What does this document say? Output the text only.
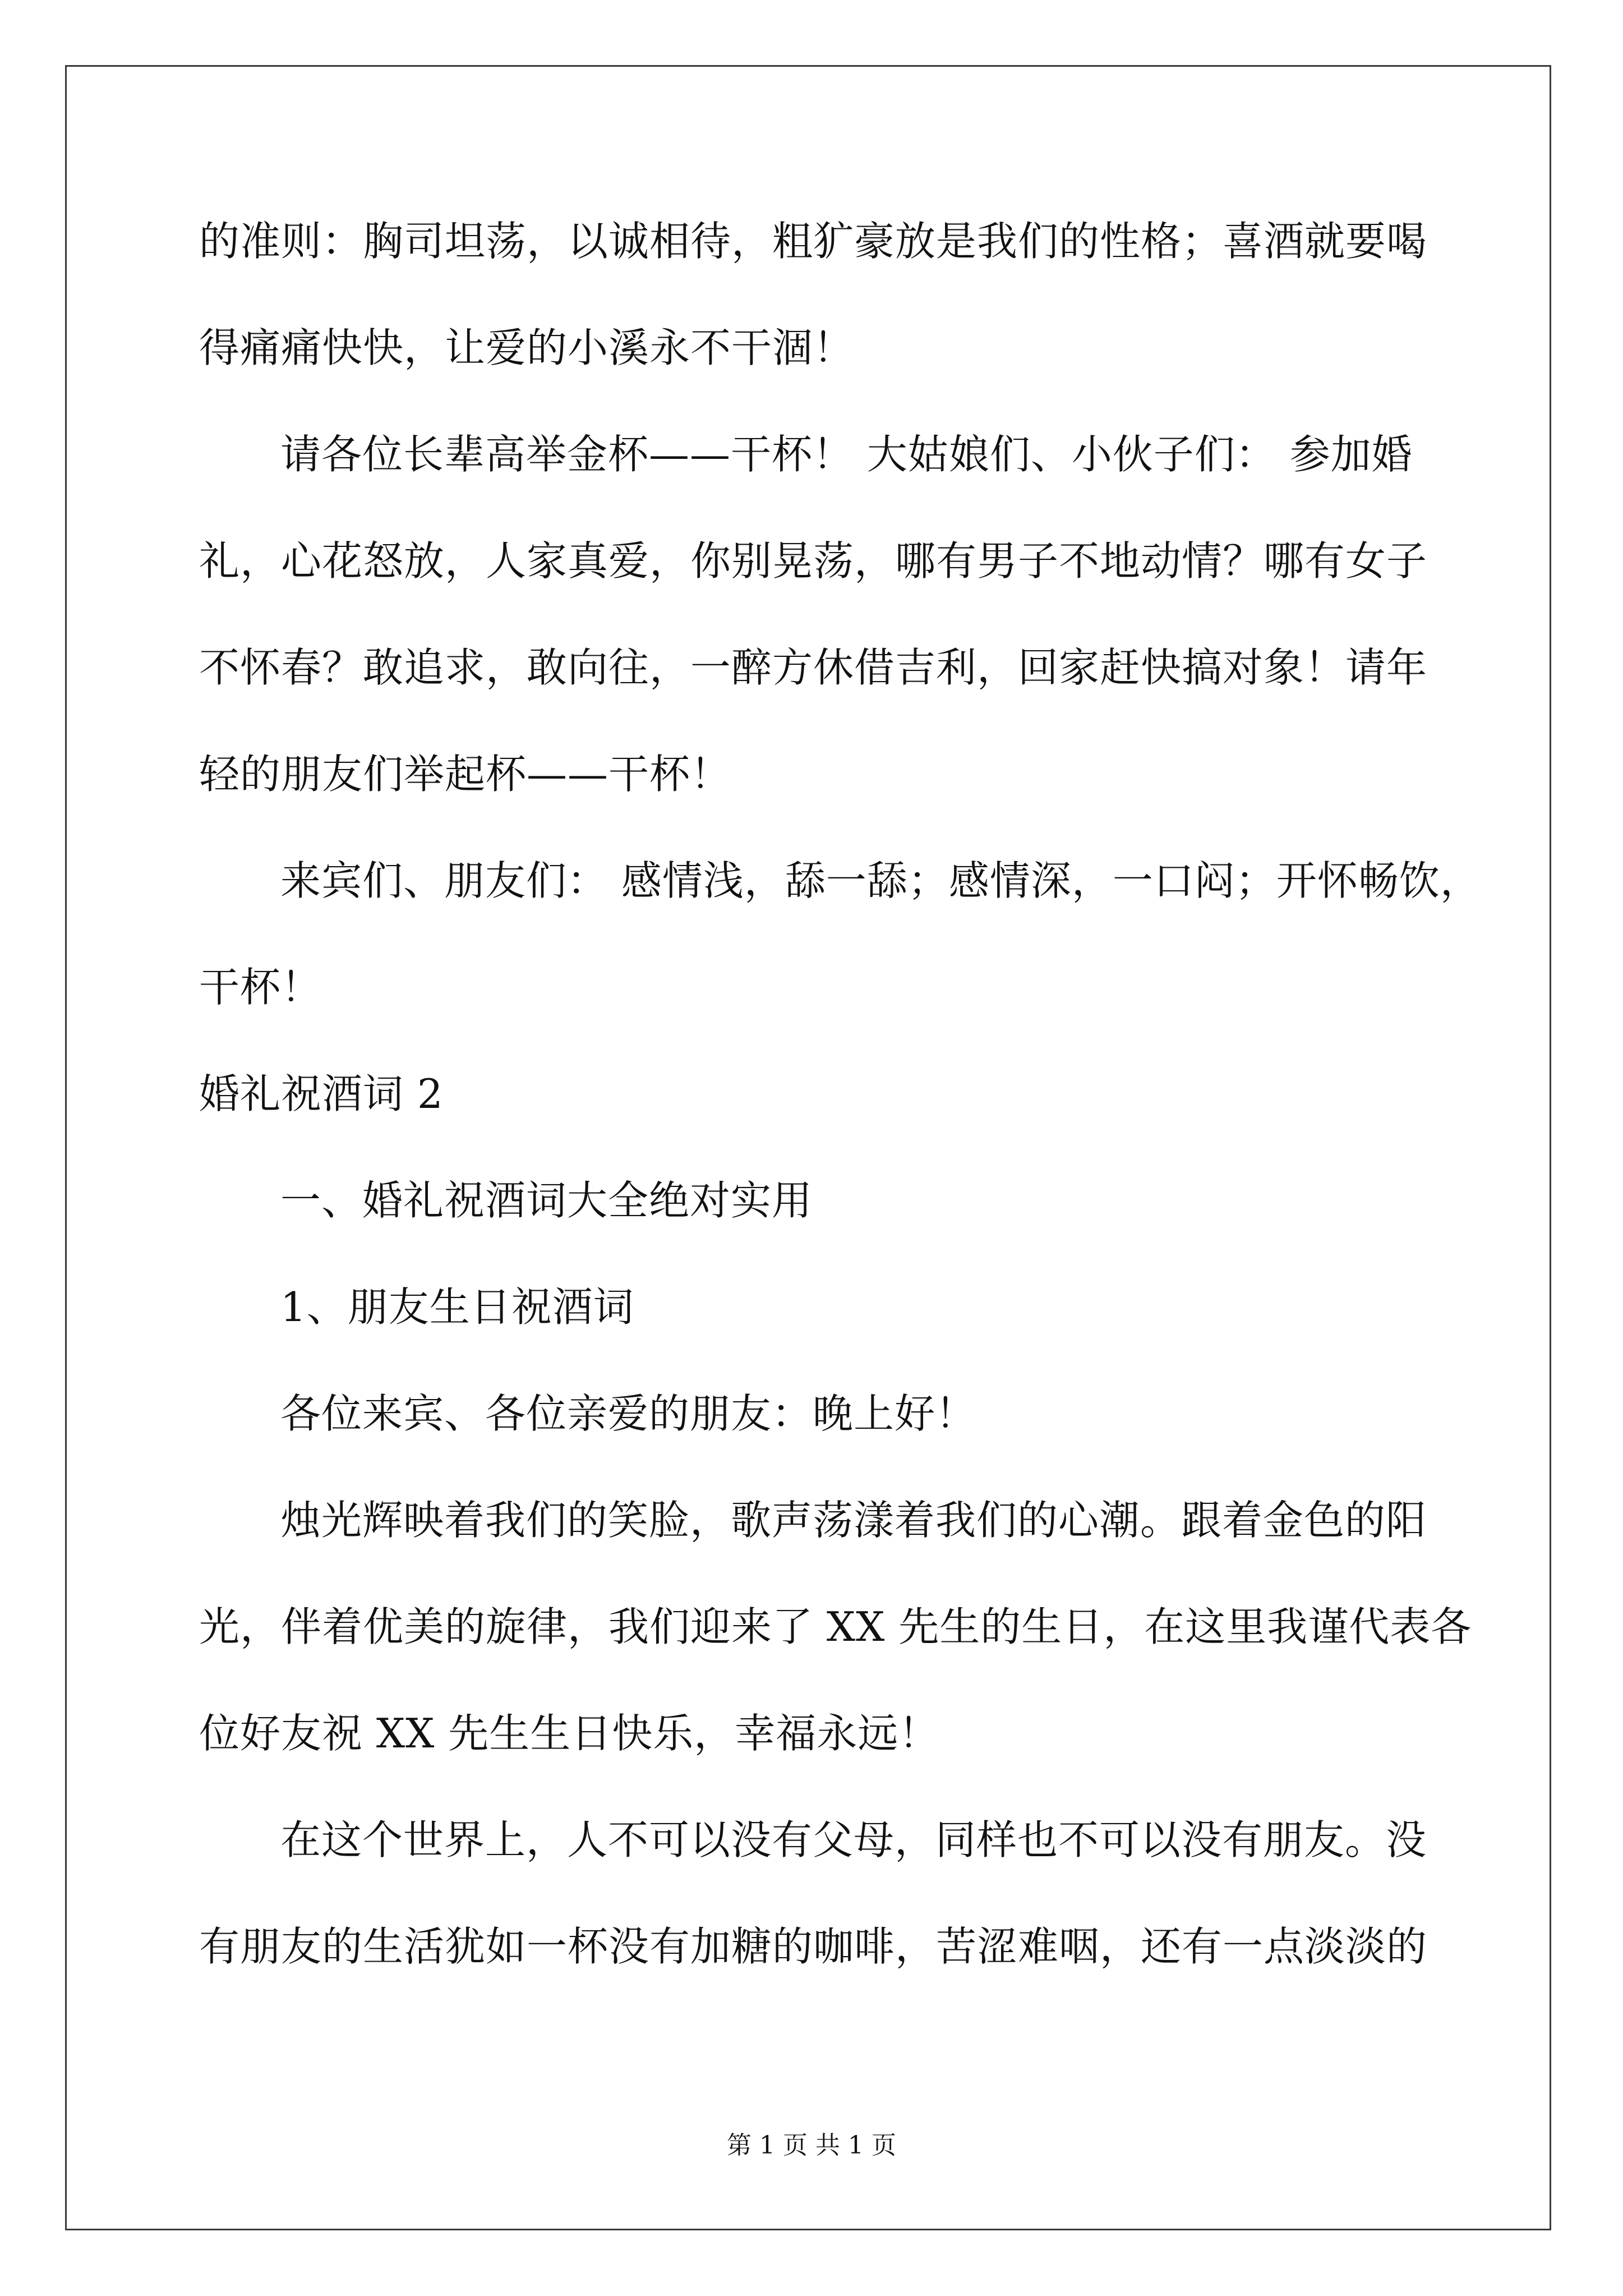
的准则：胸司坦荡，以诚相待，粗犷豪放是我们的性格；喜酒就要喝
得痛痛快快，让爱的小溪永不干涸！
请各位长辈高举金杯——干杯！ 大姑娘们、小伙子们： 参加婚
礼，心花怒放，人家真爱，你别晃荡，哪有男子不地动情？哪有女子
不怀春？敢追求，敢向往，一醉方休借吉利，回家赶快搞对象！请年
轻的朋友们举起杯——干杯！
来宾们、朋友们： 感情浅，舔一舔；感情深，一口闷；开怀畅饮，
干杯！
婚礼祝酒词 2
一、婚礼祝酒词大全绝对实用
1、朋友生日祝酒词
各位来宾、各位亲爱的朋友：晚上好！
烛光辉映着我们的笑脸，歌声荡漾着我们的心潮。跟着金色的阳
光，伴着优美的旋律，我们迎来了 XX 先生的生日，在这里我谨代表各
位好友祝 XX 先生生日快乐，幸福永远！
在这个世界上，人不可以没有父母，同样也不可以没有朋友。没
有朋友的生活犹如一杯没有加糖的咖啡，苦涩难咽，还有一点淡淡的
第 1 页 共 1 页
